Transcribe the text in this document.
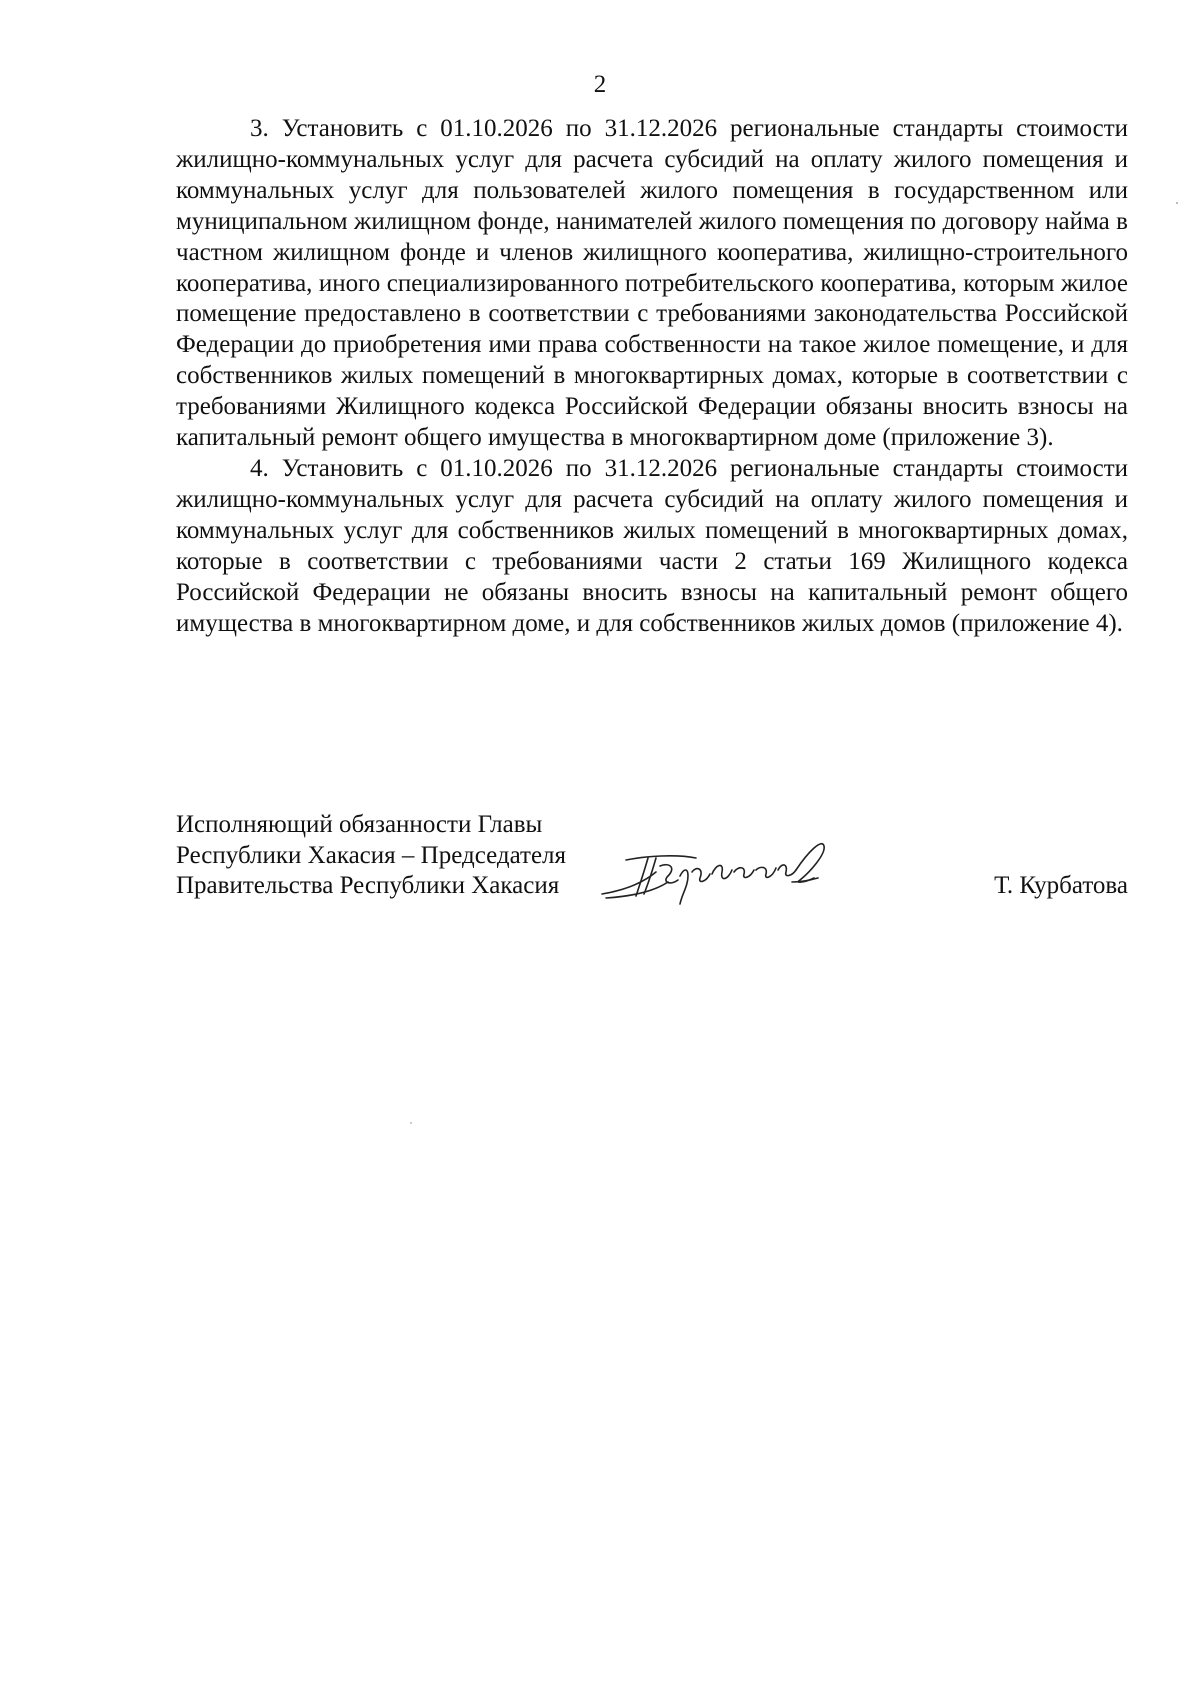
2

3. Установить с 01.10.2026 по 31.12.2026 региональные стандарты стоимости жилищно-коммунальных услуг для расчета субсидий на оплату жилого помещения и коммунальных услуг для пользователей жилого помещения в государственном или муниципальном жилищном фонде, нанимателей жилого помещения по договору найма в частном жилищном фонде и членов жилищного кооператива, жилищно-строительного кооператива, иного специализированного потребительского кооператива, которым жилое помещение предоставлено в соответствии с требованиями законодательства Российской Федерации до приобретения ими права собственности на такое жилое помещение, и для собственников жилых помещений в многоквартирных домах, которые в соответствии с требованиями Жилищного кодекса Российской Федерации обязаны вносить взносы на капитальный ремонт общего имущества в многоквартирном доме (приложение 3).

4. Установить с 01.10.2026 по 31.12.2026 региональные стандарты стоимости жилищно-коммунальных услуг для расчета субсидий на оплату жилого помещения и коммунальных услуг для собственников жилых помещений в многоквартирных домах, которые в соответствии с требованиями части 2 статьи 169 Жилищного кодекса Российской Федерации не обязаны вносить взносы на капитальный ремонт общего имущества в многоквартирном доме, и для собственников жилых домов (приложение 4).

Исполняющий обязанности Главы
Республики Хакасия – Председателя
Правительства Республики Хакасия	Т. Курбатова
